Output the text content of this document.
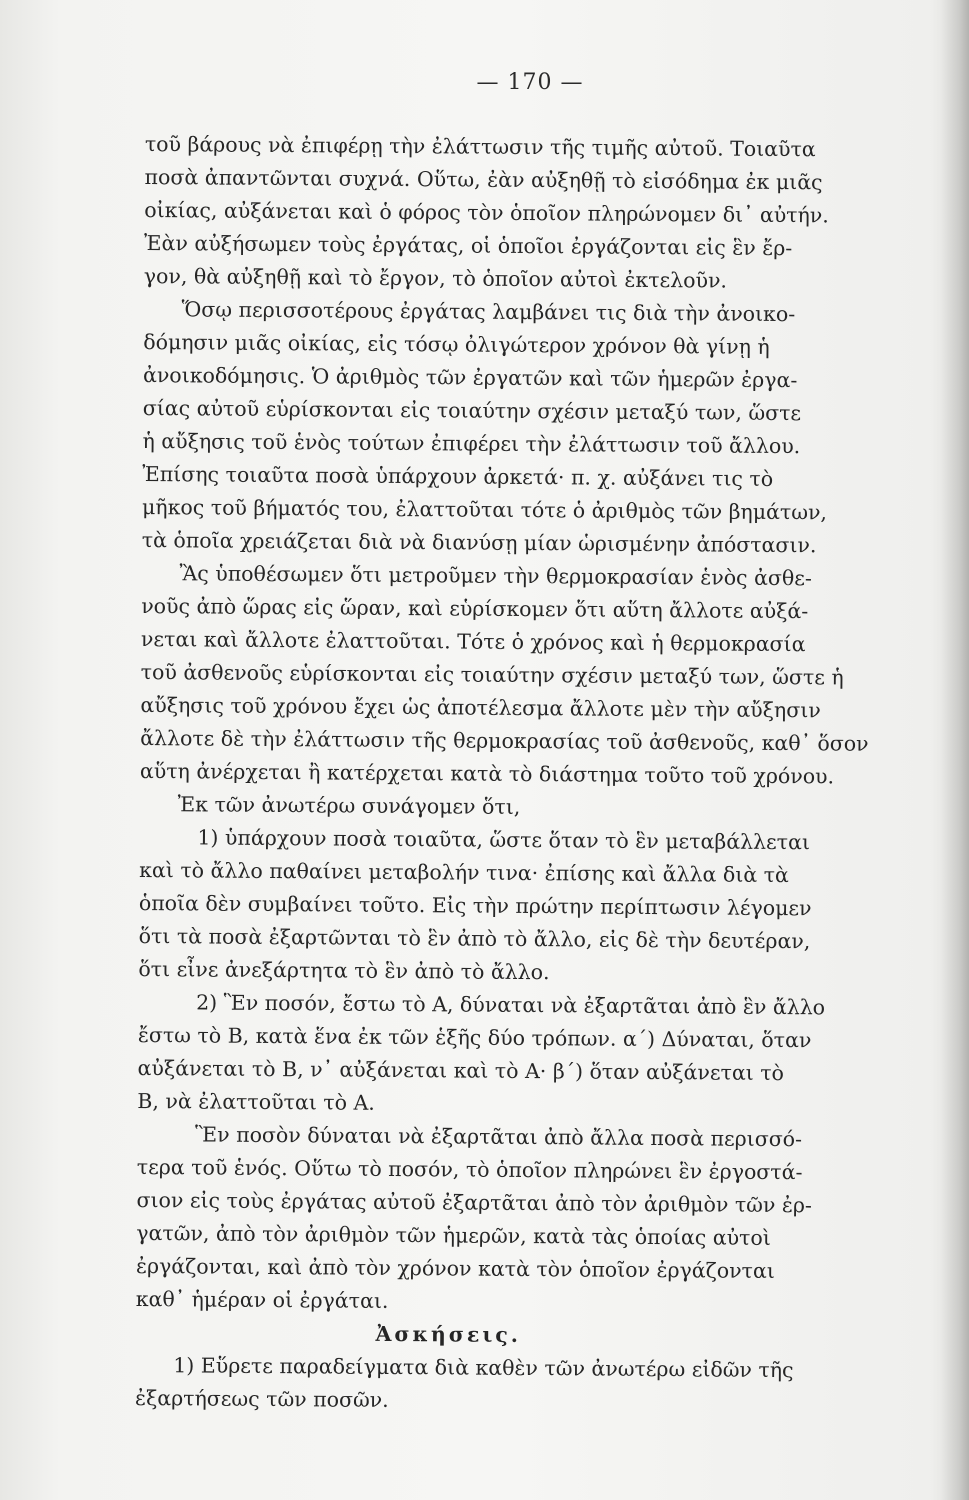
— 170 —
τοῦ βάρους νὰ ἐπιφέρῃ τὴν ἐλάττωσιν τῆς τιμῆς αὐτοῦ. Τοιαῦτα
ποσὰ ἀπαντῶνται συχνά. Οὕτω, ἐὰν αὐξηθῇ τὸ εἰσόδημα ἐκ μιᾶς
οἰκίας, αὐξάνεται καὶ ὁ φόρος τὸν ὁποῖον πληρώνομεν δι᾽ αὐτήν.
Ἐὰν αὐξήσωμεν τοὺς ἐργάτας, οἱ ὁποῖοι ἐργάζονται εἰς ἓν ἔρ-
γον, θὰ αὐξηθῇ καὶ τὸ ἔργον, τὸ ὁποῖον αὐτοὶ ἐκτελοῦν.
Ὅσῳ περισσοτέρους ἐργάτας λαμβάνει τις διὰ τὴν ἀνοικο-
δόμησιν μιᾶς οἰκίας, εἰς τόσῳ ὀλιγώτερον χρόνον θὰ γίνῃ ἡ
ἀνοικοδόμησις. Ὁ ἀριθμὸς τῶν ἐργατῶν καὶ τῶν ἡμερῶν ἐργα-
σίας αὐτοῦ εὑρίσκονται εἰς τοιαύτην σχέσιν μεταξύ των, ὥστε
ἡ αὔξησις τοῦ ἑνὸς τούτων ἐπιφέρει τὴν ἐλάττωσιν τοῦ ἄλλου.
Ἐπίσης τοιαῦτα ποσὰ ὑπάρχουν ἀρκετά· π. χ. αὐξάνει τις τὸ
μῆκος τοῦ βήματός του, ἐλαττοῦται τότε ὁ ἀριθμὸς τῶν βημάτων,
τὰ ὁποῖα χρειάζεται διὰ νὰ διανύσῃ μίαν ὡρισμένην ἀπόστασιν.
Ἂς ὑποθέσωμεν ὅτι μετροῦμεν τὴν θερμοκρασίαν ἑνὸς ἀσθε-
νοῦς ἀπὸ ὥρας εἰς ὥραν, καὶ εὑρίσκομεν ὅτι αὕτη ἄλλοτε αὐξά-
νεται καὶ ἄλλοτε ἐλαττοῦται. Τότε ὁ χρόνος καὶ ἡ θερμοκρασία
τοῦ ἀσθενοῦς εὑρίσκονται εἰς τοιαύτην σχέσιν μεταξύ των, ὥστε ἡ
αὔξησις τοῦ χρόνου ἔχει ὡς ἀποτέλεσμα ἄλλοτε μὲν τὴν αὔξησιν
ἄλλοτε δὲ τὴν ἐλάττωσιν τῆς θερμοκρασίας τοῦ ἀσθενοῦς, καθ᾽ ὅσον
αὕτη ἀνέρχεται ἢ κατέρχεται κατὰ τὸ διάστημα τοῦτο τοῦ χρόνου.
Ἐκ τῶν ἀνωτέρω συνάγομεν ὅτι,
1) ὑπάρχουν ποσὰ τοιαῦτα, ὥστε ὅταν τὸ ἓν μεταβάλλεται
καὶ τὸ ἄλλο παθαίνει μεταβολήν τινα· ἐπίσης καὶ ἄλλα διὰ τὰ
ὁποῖα δὲν συμβαίνει τοῦτο. Εἰς τὴν πρώτην περίπτωσιν λέγομεν
ὅτι τὰ ποσὰ ἐξαρτῶνται τὸ ἓν ἀπὸ τὸ ἄλλο, εἰς δὲ τὴν δευτέραν,
ὅτι εἶνε ἀνεξάρτητα τὸ ἓν ἀπὸ τὸ ἄλλο.
2) Ἓν ποσόν, ἔστω τὸ Α, δύναται νὰ ἐξαρτᾶται ἀπὸ ἓν ἄλλο
ἔστω τὸ Β, κατὰ ἕνα ἐκ τῶν ἑξῆς δύο τρόπων. α΄) Δύναται, ὅταν
αὐξάνεται τὸ Β, ν᾽ αὐξάνεται καὶ τὸ Α· β΄) ὅταν αὐξάνεται τὸ
Β, νὰ ἐλαττοῦται τὸ Α.
Ἓν ποσὸν δύναται νὰ ἐξαρτᾶται ἀπὸ ἄλλα ποσὰ περισσό-
τερα τοῦ ἑνός. Οὕτω τὸ ποσόν, τὸ ὁποῖον πληρώνει ἓν ἐργοστά-
σιον εἰς τοὺς ἐργάτας αὐτοῦ ἐξαρτᾶται ἀπὸ τὸν ἀριθμὸν τῶν ἐρ-
γατῶν, ἀπὸ τὸν ἀριθμὸν τῶν ἡμερῶν, κατὰ τὰς ὁποίας αὐτοὶ
ἐργάζονται, καὶ ἀπὸ τὸν χρόνον κατὰ τὸν ὁποῖον ἐργάζονται
καθ᾽ ἡμέραν οἱ ἐργάται.
Ἀσκήσεις.
1) Εὕρετε παραδείγματα διὰ καθὲν τῶν ἀνωτέρω εἰδῶν τῆς
ἐξαρτήσεως τῶν ποσῶν.
